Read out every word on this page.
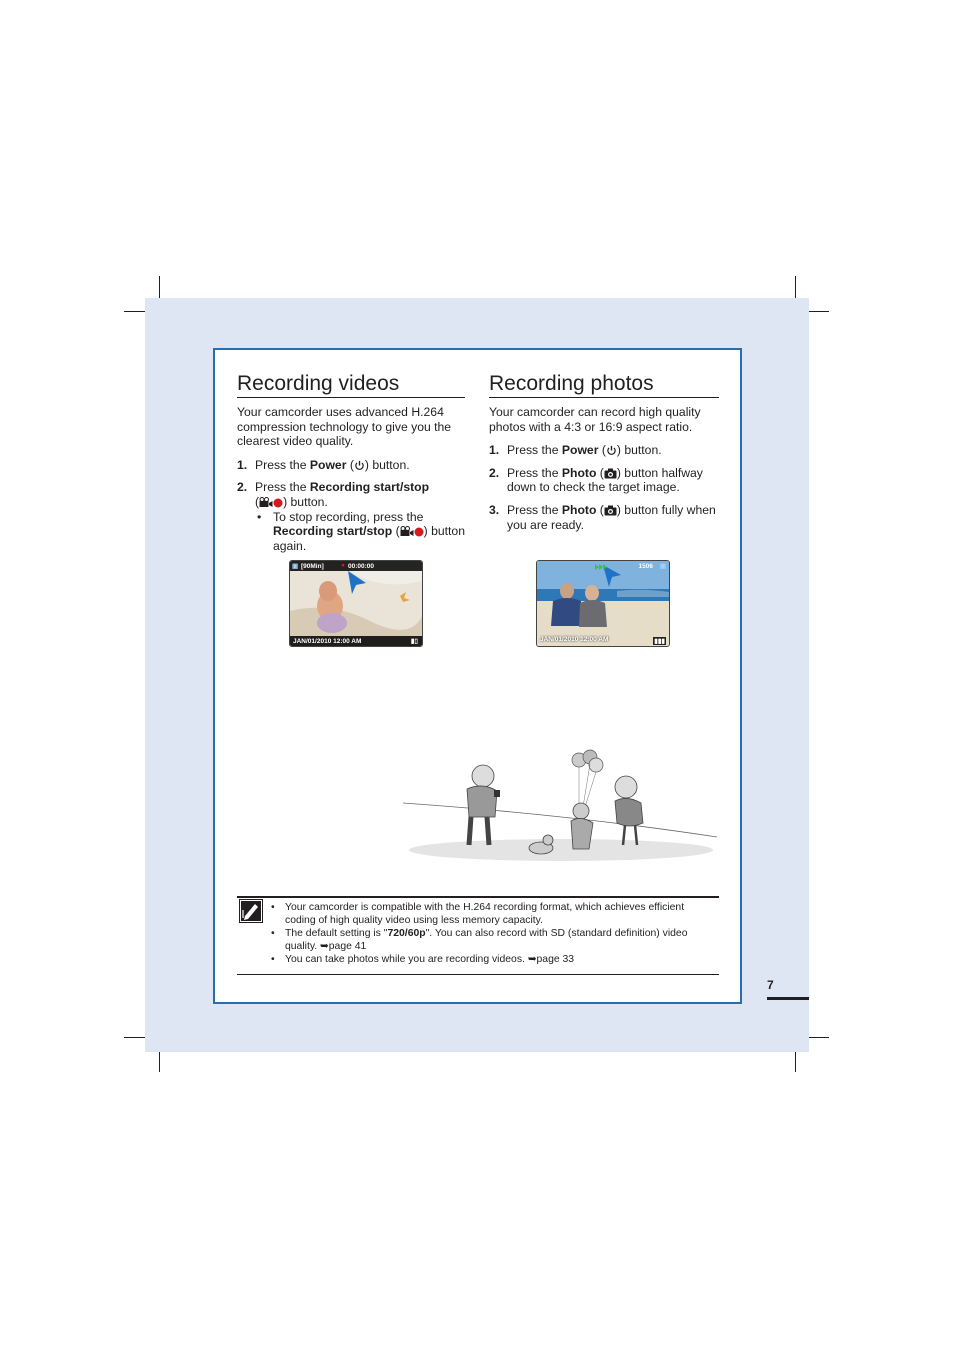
Recording videos

Your camcorder uses advanced H.264 compression technology to give you the clearest video quality.

1. Press the Power ( ) button.
2. Press the Recording start/stop
( ) button.
• To stop recording, press the Recording start/stop ( ) button again.
▣ [90Min]	● 00:00:00
JAN/01/2010 12:00 AM	▮▯
Recording photos

Your camcorder can record high quality photos with a 4:3 or 16:9 aspect ratio.

1. Press the Power ( ) button.
2. Press the Photo ( ) button halfway down to check the target image.
3. Press the Photo ( ) button fully when you are ready.
1506 ▣
JAN/01/2010 12:00 AM	▮▮▮
• Your camcorder is compatible with the H.264 recording format, which achieves efficient coding of high quality video using less memory capacity.
• The default setting is "720/60p". You can also record with SD (standard definition) video quality. ➥page 41
• You can take photos while you are recording videos. ➥page 33
7
